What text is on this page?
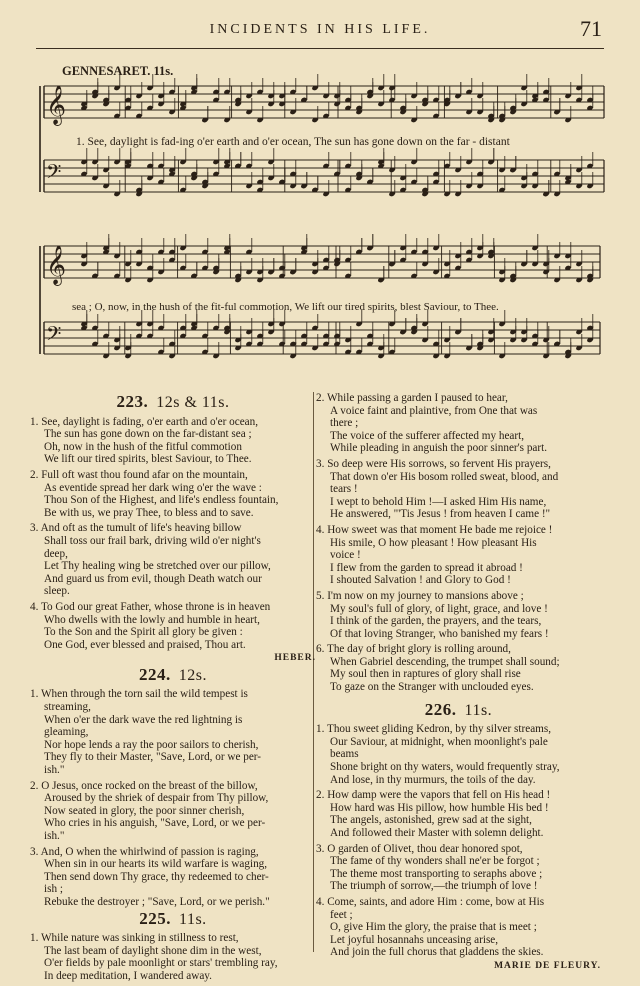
INCIDENTS IN HIS LIFE.	71
GENNESARET. 11s.
𝄞
𝄢
𝄞
𝄢
1. See, daylight is fad-ing o'er earth and o'er ocean, The sun has gone down on the far - distant
sea ; O, now, in the hush of the fit-ful commotion, We lift our tired spirits, blest Saviour, to Thee.
223. 12s & 11s.
1. See, daylight is fading, o'er earth and o'er ocean,
The sun has gone down on the far-distant sea ;
Oh, now in the hush of the fitful commotion
We lift our tired spirits, blest Saviour, to Thee.
2. Full oft wast thou found afar on the mountain,
As eventide spread her dark wing o'er the wave :
Thou Son of the Highest, and life's endless fountain,
Be with us, we pray Thee, to bless and to save.
3. And oft as the tumult of life's heaving billow
Shall toss our frail bark, driving wild o'er night's
deep,
Let Thy healing wing be stretched over our pillow,
And guard us from evil, though Death watch our
sleep.
4. To God our great Father, whose throne is in heaven
Who dwells with the lowly and humble in heart,
To the Son and the Spirit all glory be given :
One God, ever blessed and praised, Thou art.
HEBER.
224. 12s.
1. When through the torn sail the wild tempest is
streaming,
When o'er the dark wave the red lightning is
gleaming,
Nor hope lends a ray the poor sailors to cherish,
They fly to their Master, "Save, Lord, or we per-
ish."
2. O Jesus, once rocked on the breast of the billow,
Aroused by the shriek of despair from Thy pillow,
Now seated in glory, the poor sinner cherish,
Who cries in his anguish, "Save, Lord, or we per-
ish."
3. And, O when the whirlwind of passion is raging,
When sin in our hearts its wild warfare is waging,
Then send down Thy grace, thy redeemed to cher-
ish ;
Rebuke the destroyer ; "Save, Lord, or we perish."
225. 11s.
1. While nature was sinking in stillness to rest,
The last beam of daylight shone dim in the west,
O'er fields by pale moonlight or stars' trembling ray,
In deep meditation, I wandered away.
2. While passing a garden I paused to hear,
A voice faint and plaintive, from One that was
there ;
The voice of the sufferer affected my heart,
While pleading in anguish the poor sinner's part.
3. So deep were His sorrows, so fervent His prayers,
That down o'er His bosom rolled sweat, blood, and
tears !
I wept to behold Him !—I asked Him His name,
He answered, "'Tis Jesus ! from heaven I came !"
4. How sweet was that moment He bade me rejoice !
His smile, O how pleasant ! How pleasant His
voice !
I flew from the garden to spread it abroad !
I shouted Salvation ! and Glory to God !
5. I'm now on my journey to mansions above ;
My soul's full of glory, of light, grace, and love !
I think of the garden, the prayers, and the tears,
Of that loving Stranger, who banished my fears !
6. The day of bright glory is rolling around,
When Gabriel descending, the trumpet shall sound;
My soul then in raptures of glory shall rise
To gaze on the Stranger with unclouded eyes.
226. 11s.
1. Thou sweet gliding Kedron, by thy silver streams,
Our Saviour, at midnight, when moonlight's pale
beams
Shone bright on thy waters, would frequently stray,
And lose, in thy murmurs, the toils of the day.
2. How damp were the vapors that fell on His head !
How hard was His pillow, how humble His bed !
The angels, astonished, grew sad at the sight,
And followed their Master with solemn delight.
3. O garden of Olivet, thou dear honored spot,
The fame of thy wonders shall ne'er be forgot ;
The theme most transporting to seraphs above ;
The triumph of sorrow,—the triumph of love !
4. Come, saints, and adore Him : come, bow at His
feet ;
O, give Him the glory, the praise that is meet ;
Let joyful hosannahs unceasing arise,
And join the full chorus that gladdens the skies.
MARIE DE FLEURY.
